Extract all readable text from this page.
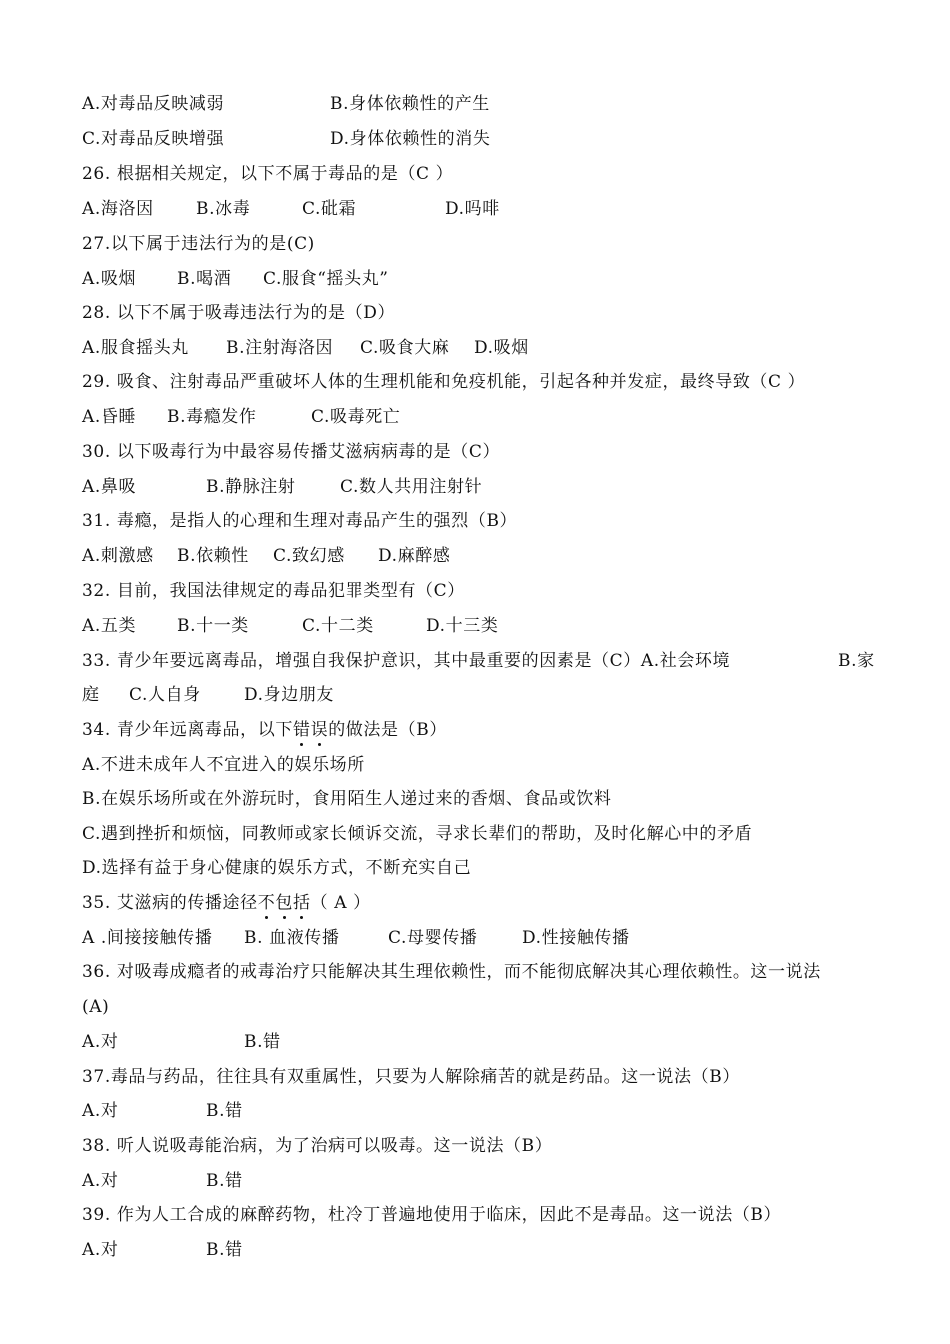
A.对毒品反映减弱	B.身体依赖性的产生
C.对毒品反映增强	D.身体依赖性的消失
26. 根据相关规定，以下不属于毒品的是（C ）
A.海洛因 B.冰毒	C.砒霜	D.吗啡
27.以下属于违法行为的是(C)
A.吸烟 B.喝酒 C.服食“摇头丸”
28. 以下不属于吸毒违法行为的是（D）
A.服食摇头丸 B.注射海洛因 C.吸食大麻 D.吸烟
29. 吸食、注射毒品严重破坏人体的生理机能和免疫机能，引起各种并发症，最终导致（C ）
A.昏睡 B.毒瘾发作	C.吸毒死亡
30. 以下吸毒行为中最容易传播艾滋病病毒的是（C）
A.鼻吸	B.静脉注射	C.数人共用注射针
31. 毒瘾，是指人的心理和生理对毒品产生的强烈（B）
A.刺激感 B.依赖性 C.致幻感 D.麻醉感
32. 目前，我国法律规定的毒品犯罪类型有（C）
A.五类 B.十一类	C.十二类	D.十三类
33. 青少年要远离毒品，增强自我保护意识，其中最重要的因素是（C）A.社会环境	B.家
庭 C.人自身	D.身边朋友
34. 青少年远离毒品，以下错误的做法是（B）
A.不进未成年人不宜进入的娱乐场所
B.在娱乐场所或在外游玩时，食用陌生人递过来的香烟、食品或饮料
C.遇到挫折和烦恼，同教师或家长倾诉交流，寻求长辈们的帮助，及时化解心中的矛盾
D.选择有益于身心健康的娱乐方式，不断充实自己
35. 艾滋病的传播途径不包括（ A ）
A .间接接触传播 B. 血液传播	C.母婴传播	D.性接触传播
36. 对吸毒成瘾者的戒毒治疗只能解决其生理依赖性，而不能彻底解决其心理依赖性。这一说法
(A)
A.对	B.错
37.毒品与药品，往往具有双重属性，只要为人解除痛苦的就是药品。这一说法（B）
A.对	B.错
38. 听人说吸毒能治病，为了治病可以吸毒。这一说法（B）
A.对	B.错
39. 作为人工合成的麻醉药物，杜冷丁普遍地使用于临床，因此不是毒品。这一说法（B）
A.对	B.错
